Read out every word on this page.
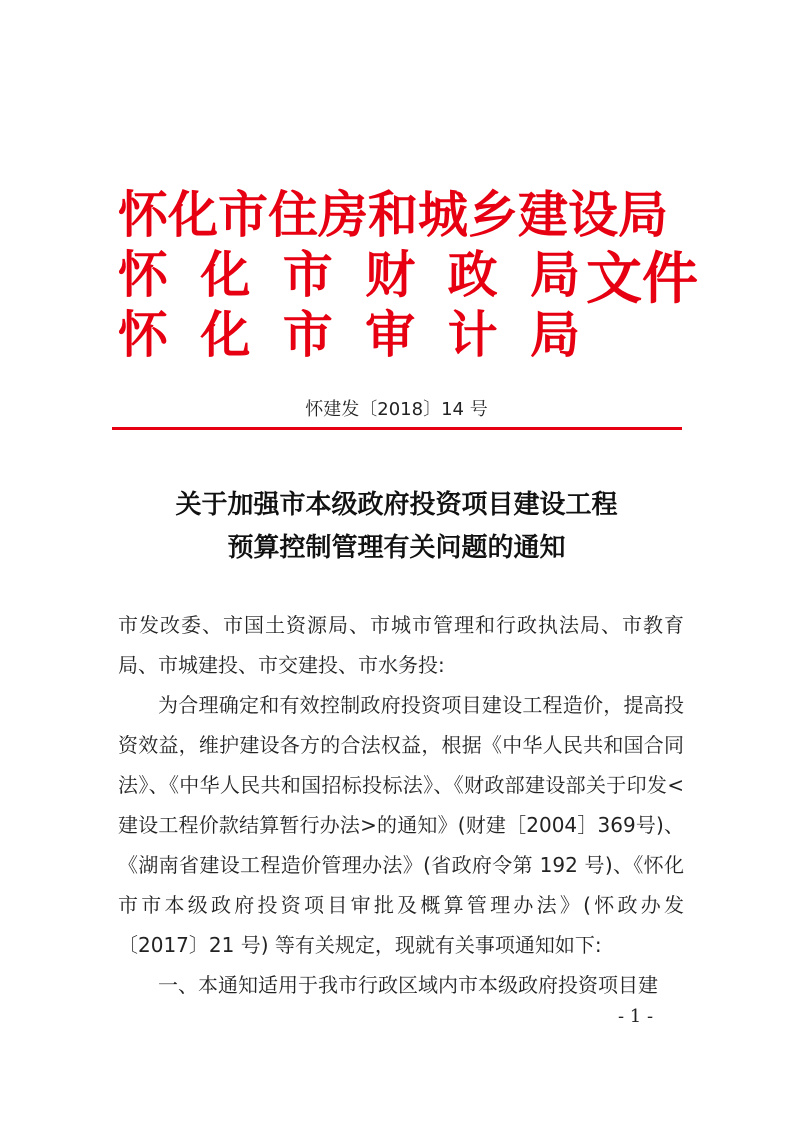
怀化市住房和城乡建设局
怀 化 市 财 政 局
怀 化 市 审 计 局
文件
怀建发〔2018〕14 号
关于加强市本级政府投资项目建设工程
预算控制管理有关问题的通知

市发改委、市国土资源局、市城市管理和行政执法局、市教育局、市城建投、市交建投、市水务投:

为合理确定和有效控制政府投资项目建设工程造价，提高投资效益，维护建设各方的合法权益，根据《中华人民共和国合同法》、《中华人民共和国招标投标法》、《财政部建设部关于印发<建设工程价款结算暂行办法>的通知》(财建［2004］369号)、《湖南省建设工程造价管理办法》(省政府令第 192 号)、《怀化市市本级政府投资项目审批及概算管理办法》(怀政办发〔2017〕21 号) 等有关规定，现就有关事项通知如下:

一、本通知适用于我市行政区域内市本级政府投资项目建

- 1 -
